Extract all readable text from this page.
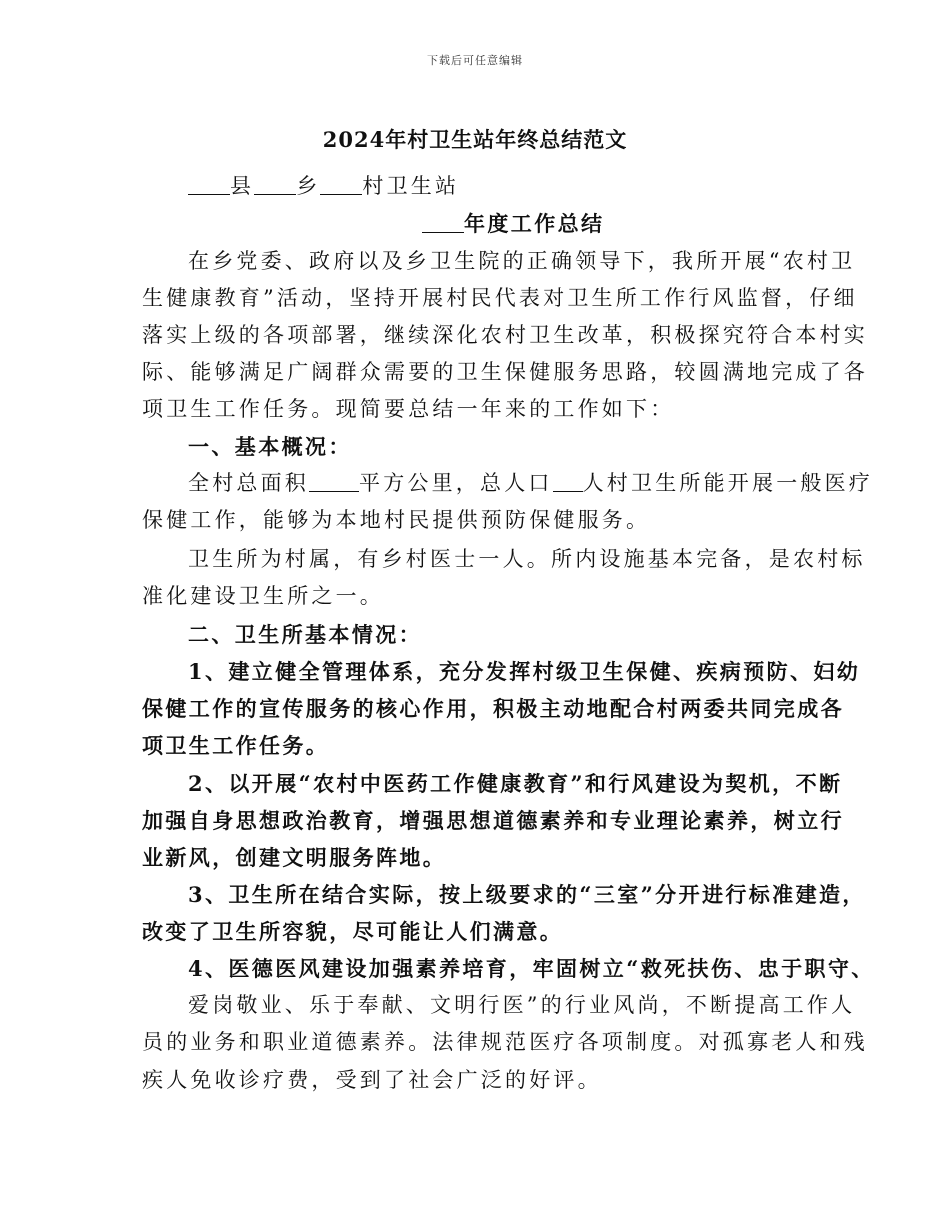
下载后可任意编辑
2024年村卫生站年终总结范文
县 乡 村卫生站
年度工作总结
在乡党委、政府以及乡卫生院的正确领导下，我所开展“农村卫
生健康教育”活动，坚持开展村民代表对卫生所工作行风监督，仔细
落实上级的各项部署，继续深化农村卫生改革，积极探究符合本村实
际、能够满足广阔群众需要的卫生保健服务思路，较圆满地完成了各
项卫生工作任务。现简要总结一年来的工作如下：
一、基本概况：
全村总面积 平方公里，总人口 人村卫生所能开展一般医疗
保健工作，能够为本地村民提供预防保健服务。
卫生所为村属，有乡村医士一人。所内设施基本完备，是农村标
准化建设卫生所之一。
二、卫生所基本情况：
1、建立健全管理体系，充分发挥村级卫生保健、疾病预防、妇幼
保健工作的宣传服务的核心作用，积极主动地配合村两委共同完成各
项卫生工作任务。
2、以开展“农村中医药工作健康教育”和行风建设为契机，不断
加强自身思想政治教育，增强思想道德素养和专业理论素养，树立行
业新风，创建文明服务阵地。
3、卫生所在结合实际，按上级要求的“三室”分开进行标准建造，
改变了卫生所容貌，尽可能让人们满意。
4、医德医风建设加强素养培育，牢固树立“救死扶伤、忠于职守、
爱岗敬业、乐于奉献、文明行医”的行业风尚，不断提高工作人
员的业务和职业道德素养。法律规范医疗各项制度。对孤寡老人和残
疾人免收诊疗费，受到了社会广泛的好评。
